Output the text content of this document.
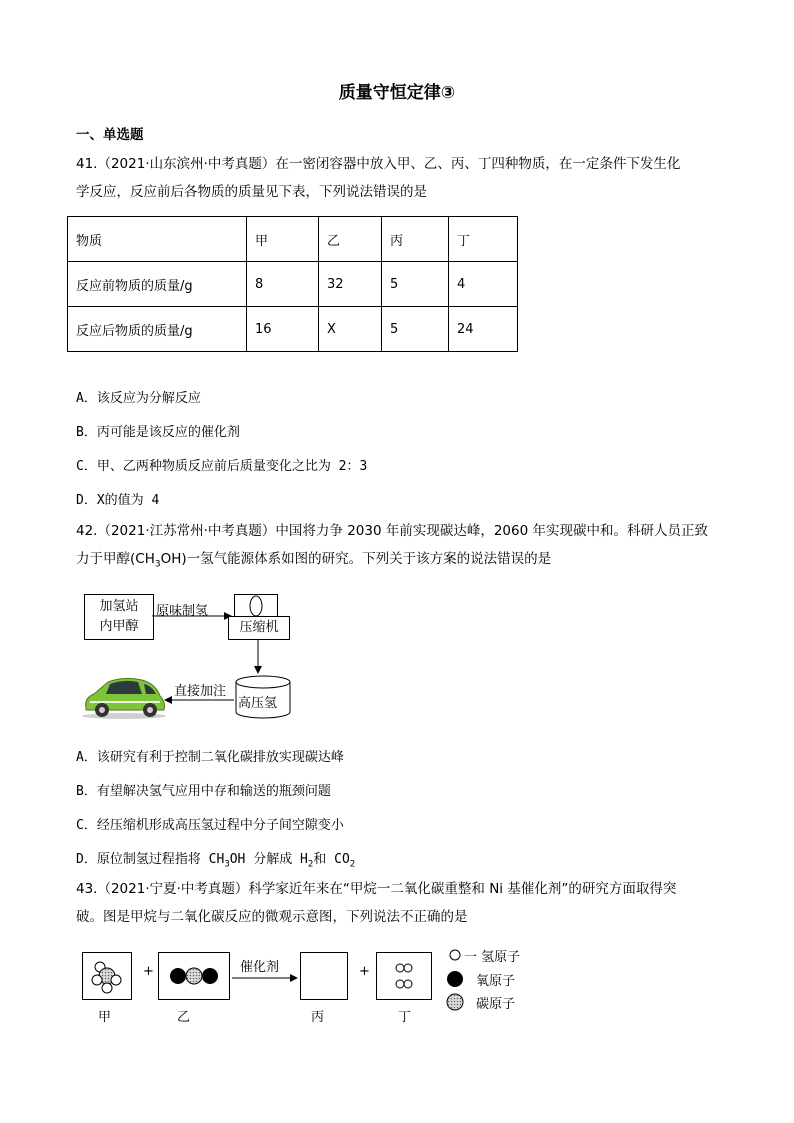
质量守恒定律③
一、单选题
41.（2021·山东滨州·中考真题）在一密闭容器中放入甲、乙、丙、丁四种物质，在一定条件下发生化
学反应，反应前后各物质的质量见下表，下列说法错误的是
物质	甲	乙	丙	丁
反应前物质的质量/g	8	32	5	4
反应后物质的质量/g	16	X	5	24
A．该反应为分解反应
B．丙可能是该反应的催化剂
C．甲、乙两种物质反应前后质量变化之比为 2：3
D．X的值为 4
42.（2021·江苏常州·中考真题）中国将力争 2030 年前实现碳达峰，2060 年实现碳中和。科研人员正致
力于甲醇$(CH_3OH)$一氢气能源体系如图的研究。下列关于该方案的说法错误的是
加氢站
内甲醇
原味制氢
压缩机
高压氢
直接加注
A．该研究有利于控制二氧化碳排放实现碳达峰
B．有望解决氢气应用中存和输送的瓶颈问题
C．经压缩机形成高压氢过程中分子间空隙变小
D．原位制氢过程指将 $CH_3OH$ 分解成 $H_2$和 $CO_2$
43.（2021·宁夏·中考真题）科学家近年来在“甲烷一二氧化碳重整和 Ni 基催化剂”的研究方面取得突
破。图是甲烷与二氧化碳反应的微观示意图，下列说法不正确的是
+	催化剂	+
甲	乙	丙	丁
一 氢原子
氧原子
碳原子
